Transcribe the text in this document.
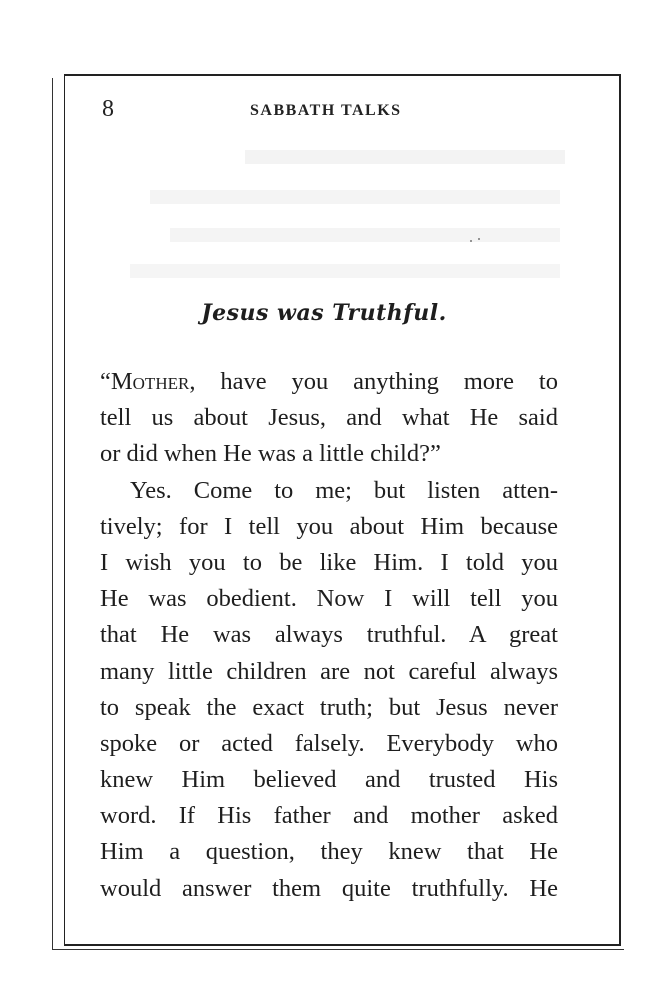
8	SABBATH TALKS
Jesus was Truthful.
“Mother, have you anything more to
tell us about Jesus, and what He said
or did when He was a little child?”
Yes. Come to me; but listen atten-
tively; for I tell you about Him because
I wish you to be like Him. I told you
He was obedient. Now I will tell you
that He was always truthful. A great
many little children are not careful always
to speak the exact truth; but Jesus never
spoke or acted falsely. Everybody who
knew Him believed and trusted His
word. If His father and mother asked
Him a question, they knew that He
would answer them quite truthfully. He
